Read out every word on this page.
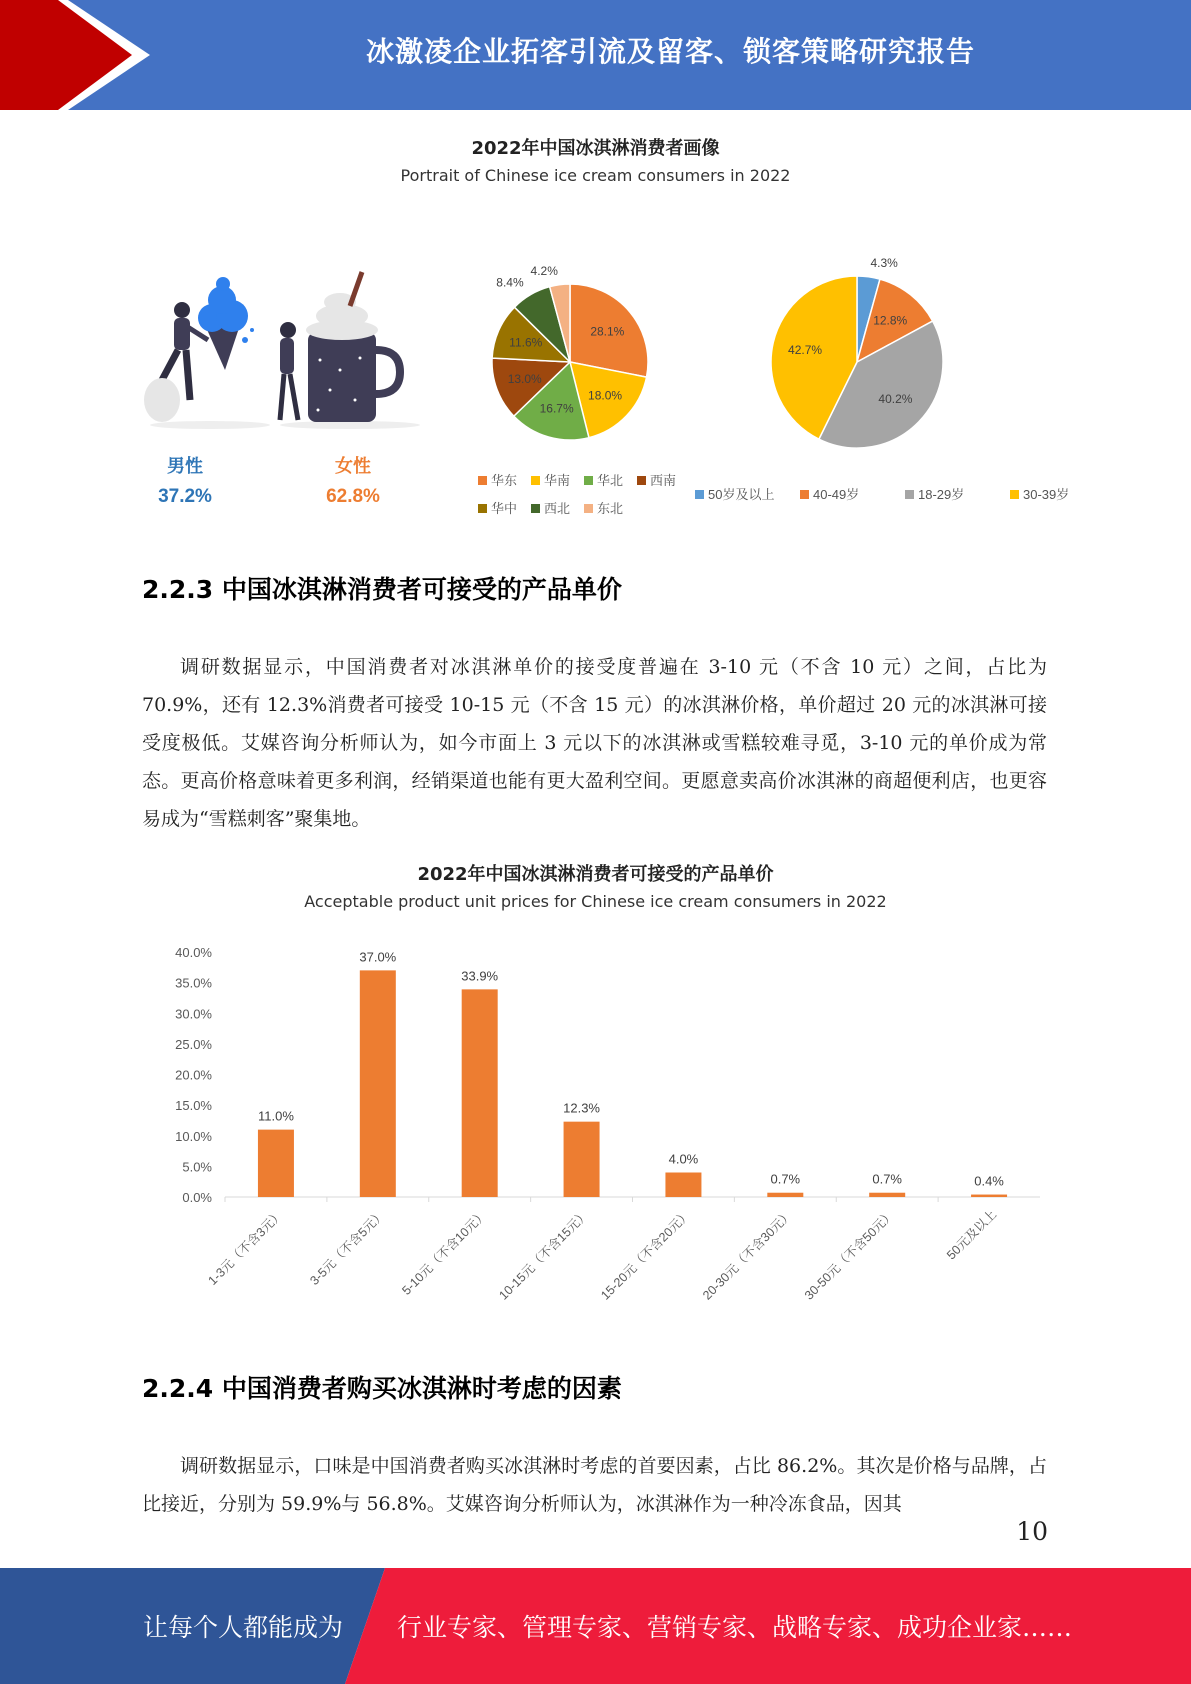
冰激凌企业拓客引流及留客、锁客策略研究报告
2022年中国冰淇淋消费者画像
Portrait of Chinese ice cream consumers in 2022
男性
37.2%
女性
62.8%
28.1%
18.0%
16.7%
13.0%
11.6%
8.4%
4.2%
华东 华南 华北 西南
华中 西北 东北
4.3%
12.8%
40.2%
42.7%
50岁及以上	40-49岁	18-29岁	30-39岁
2.2.3 中国冰淇淋消费者可接受的产品单价

调研数据显示，中国消费者对冰淇淋单价的接受度普遍在 3-10 元（不含 10 元）之间，占比为 70.9%，还有 12.3%消费者可接受 10-15 元（不含 15 元）的冰淇淋价格，单价超过 20 元的冰淇淋可接受度极低。艾媒咨询分析师认为，如今市面上 3 元以下的冰淇淋或雪糕较难寻觅，3-10 元的单价成为常态。更高价格意味着更多利润，经销渠道也能有更大盈利空间。更愿意卖高价冰淇淋的商超便利店，也更容易成为“雪糕刺客”聚集地。

2022年中国冰淇淋消费者可接受的产品单价
Acceptable product unit prices for Chinese ice cream consumers in 2022
0.0%
5.0%
10.0%
15.0%
20.0%
25.0%
30.0%
35.0%
40.0%
11.0%
1-3元（不含3元）
37.0%
3-5元（不含5元）
33.9%
5-10元（不含10元）
12.3%
10-15元（不含15元）
4.0%
15-20元（不含20元）
0.7%
20-30元（不含30元）
0.7%
30-50元（不含50元）
0.4%
50元及以上
2.2.4 中国消费者购买冰淇淋时考虑的因素

调研数据显示，口味是中国消费者购买冰淇淋时考虑的首要因素，占比 86.2%。其次是价格与品牌，占比接近，分别为 59.9%与 56.8%。艾媒咨询分析师认为，冰淇淋作为一种冷冻食品，因其

10
让每个人都能成为 行业专家、管理专家、营销专家、战略专家、成功企业家……
